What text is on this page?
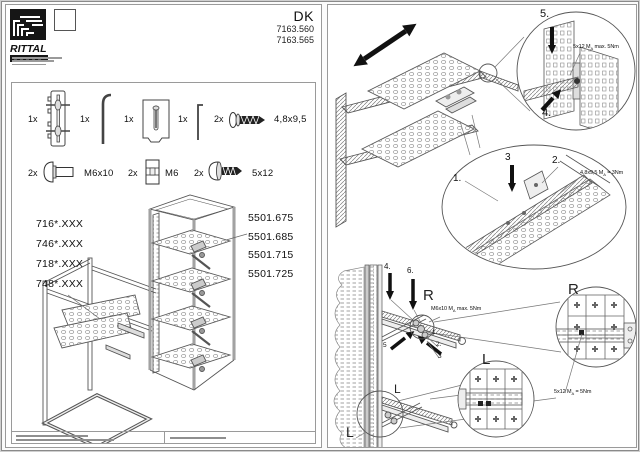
RITTAL
DK
7163.560
7163.565
1x	1x	1x	1x	2x	4,8x9,5
2x	M6x10 2x	M6 2x	5x12
716*.XXX
746*.XXX
718*.XXX
748*.XXX
5501.675
5501.685
5501.715
5501.725
5.
5x12 $M_A$ max. 5Nm
4.
1.
2.
3
4,8x9,5 $M_A = 3Nm$
4. 6.
R
M6x10 $M_A$ max. 5Nm
1.
2.
3
5
L
L
R
L
5x12 $M_A = 5Nm$
